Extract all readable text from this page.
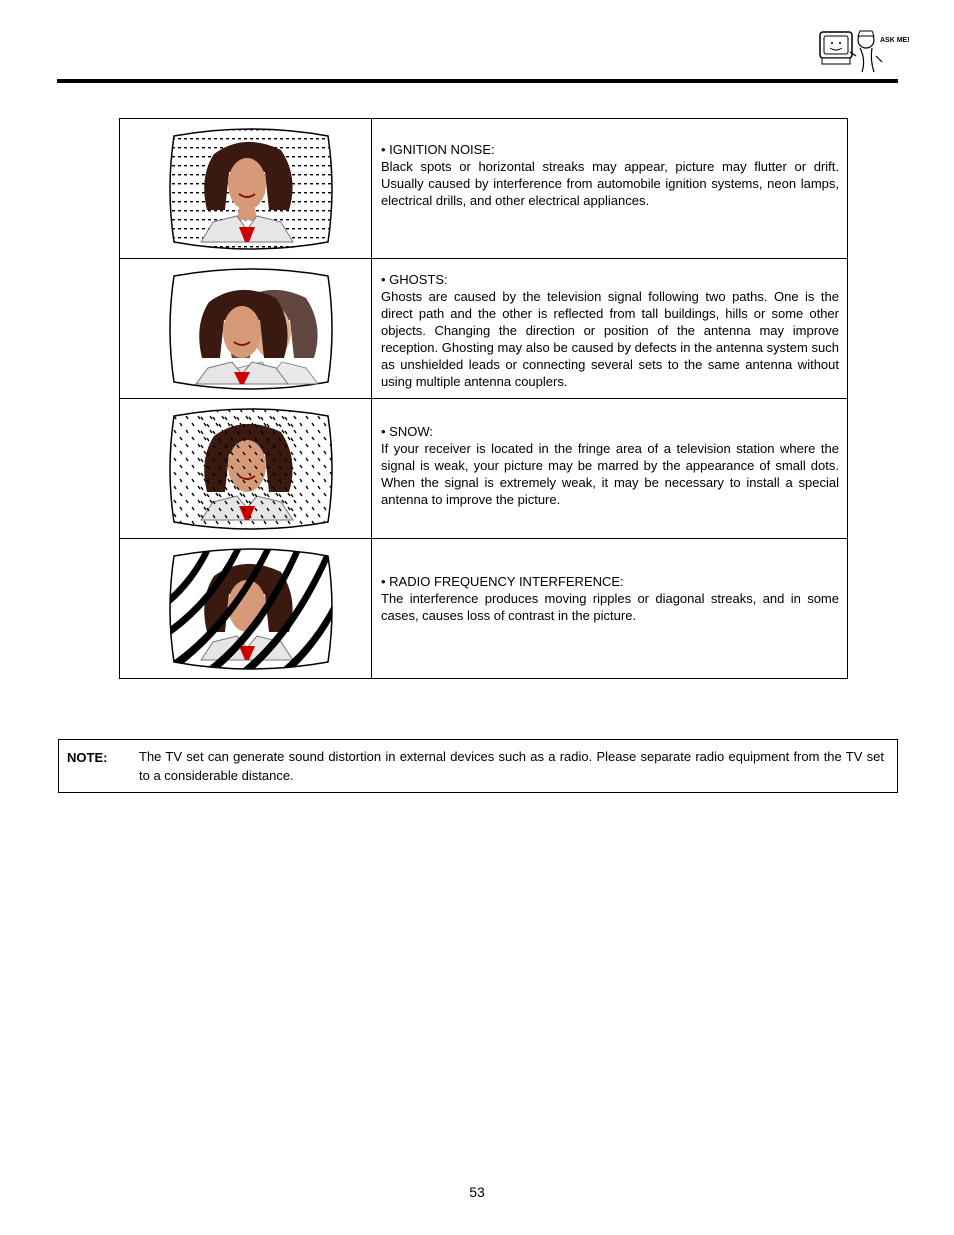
ASK ME!
• IGNITION NOISE:
Black spots or horizontal streaks may appear, picture may flutter or drift. Usually caused by interference from automobile ignition systems, neon lamps, electrical drills, and other electrical appliances.
• GHOSTS:
Ghosts are caused by the television signal following two paths. One is the direct path and the other is reflected from tall buildings, hills or some other objects. Changing the direction or position of the antenna may improve reception. Ghosting may also be caused by defects in the antenna system such as unshielded leads or connecting several sets to the same antenna without using multiple antenna couplers.
• SNOW:
If your receiver is located in the fringe area of a television station where the signal is weak, your picture may be marred by the appearance of small dots. When the signal is extremely weak, it may be necessary to install a special antenna to improve the picture.
• RADIO FREQUENCY INTERFERENCE:
The interference produces moving ripples or diagonal streaks, and in some cases, causes loss of contrast in the picture.
NOTE: The TV set can generate sound distortion in external devices such as a radio. Please separate radio equipment from the TV set to a considerable distance.
53
